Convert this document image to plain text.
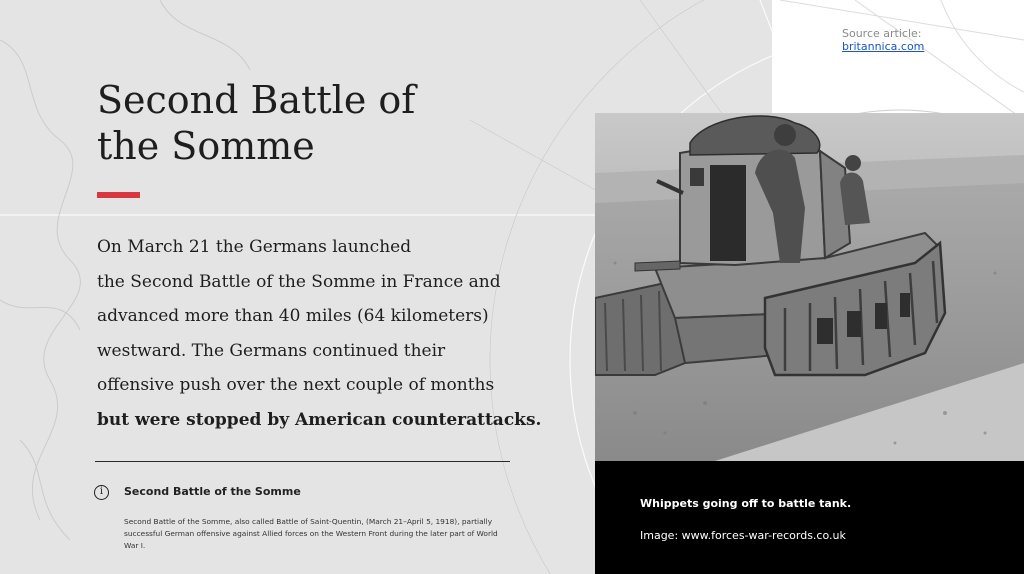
Source article:
britannica.com
Second Battle of
the Somme
On March 21 the Germans launched
the Second Battle of the Somme in France and
advanced more than 40 miles (64 kilometers)
westward. The Germans continued their
offensive push over the next couple of months
but were stopped by American counterattacks.
i	Second Battle of the Somme
Second Battle of the Somme, also called Battle of Saint-Quentin, (March 21–April 5, 1918), partially successful German offensive against Allied forces on the Western Front during the later part of World War I.
Whippets going off to battle tank.
Image: www.forces-war-records.co.uk
